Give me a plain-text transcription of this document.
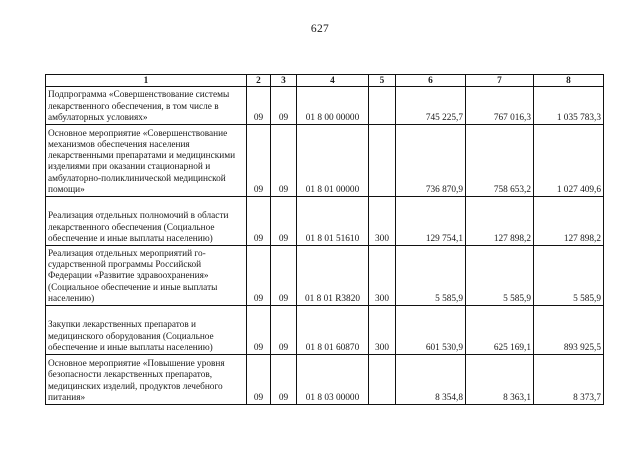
627
1	2	3	4	5	6	7	8
Подпрограмма «Совершенствование системы лекарственного обеспечения, в том числе в амбулаторных условиях»	09	09	01 8 00 00000		745 225,7	767 016,3	1 035 783,3
Основное мероприятие «Совершенствование механизмов обеспечения населения лекарственными препаратами и медицинскими изделиями при оказании стационарной и амбулаторно-поликлинической медицинской помощи»	09	09	01 8 01 00000		736 870,9	758 653,2	1 027 409,6
Реализация отдельных полномочий в области лекарственного обеспечения (Социальное обеспечение и иные выплаты населению)	09	09	01 8 01 51610	300	129 754,1	127 898,2	127 898,2
Реализация отдельных мероприятий государственной программы Российской Федерации «Развитие здравоохранения» (Социальное обеспечение и иные выплаты населению)	09	09	01 8 01 R3820	300	5 585,9	5 585,9	5 585,9
Закупки лекарственных препаратов и медицинского оборудования (Социальное обеспечение и иные выплаты населению)	09	09	01 8 01 60870	300	601 530,9	625 169,1	893 925,5
Основное мероприятие «Повышение уровня безопасности лекарственных препаратов, медицинских изделий, продуктов лечебного питания»	09	09	01 8 03 00000		8 354,8	8 363,1	8 373,7
